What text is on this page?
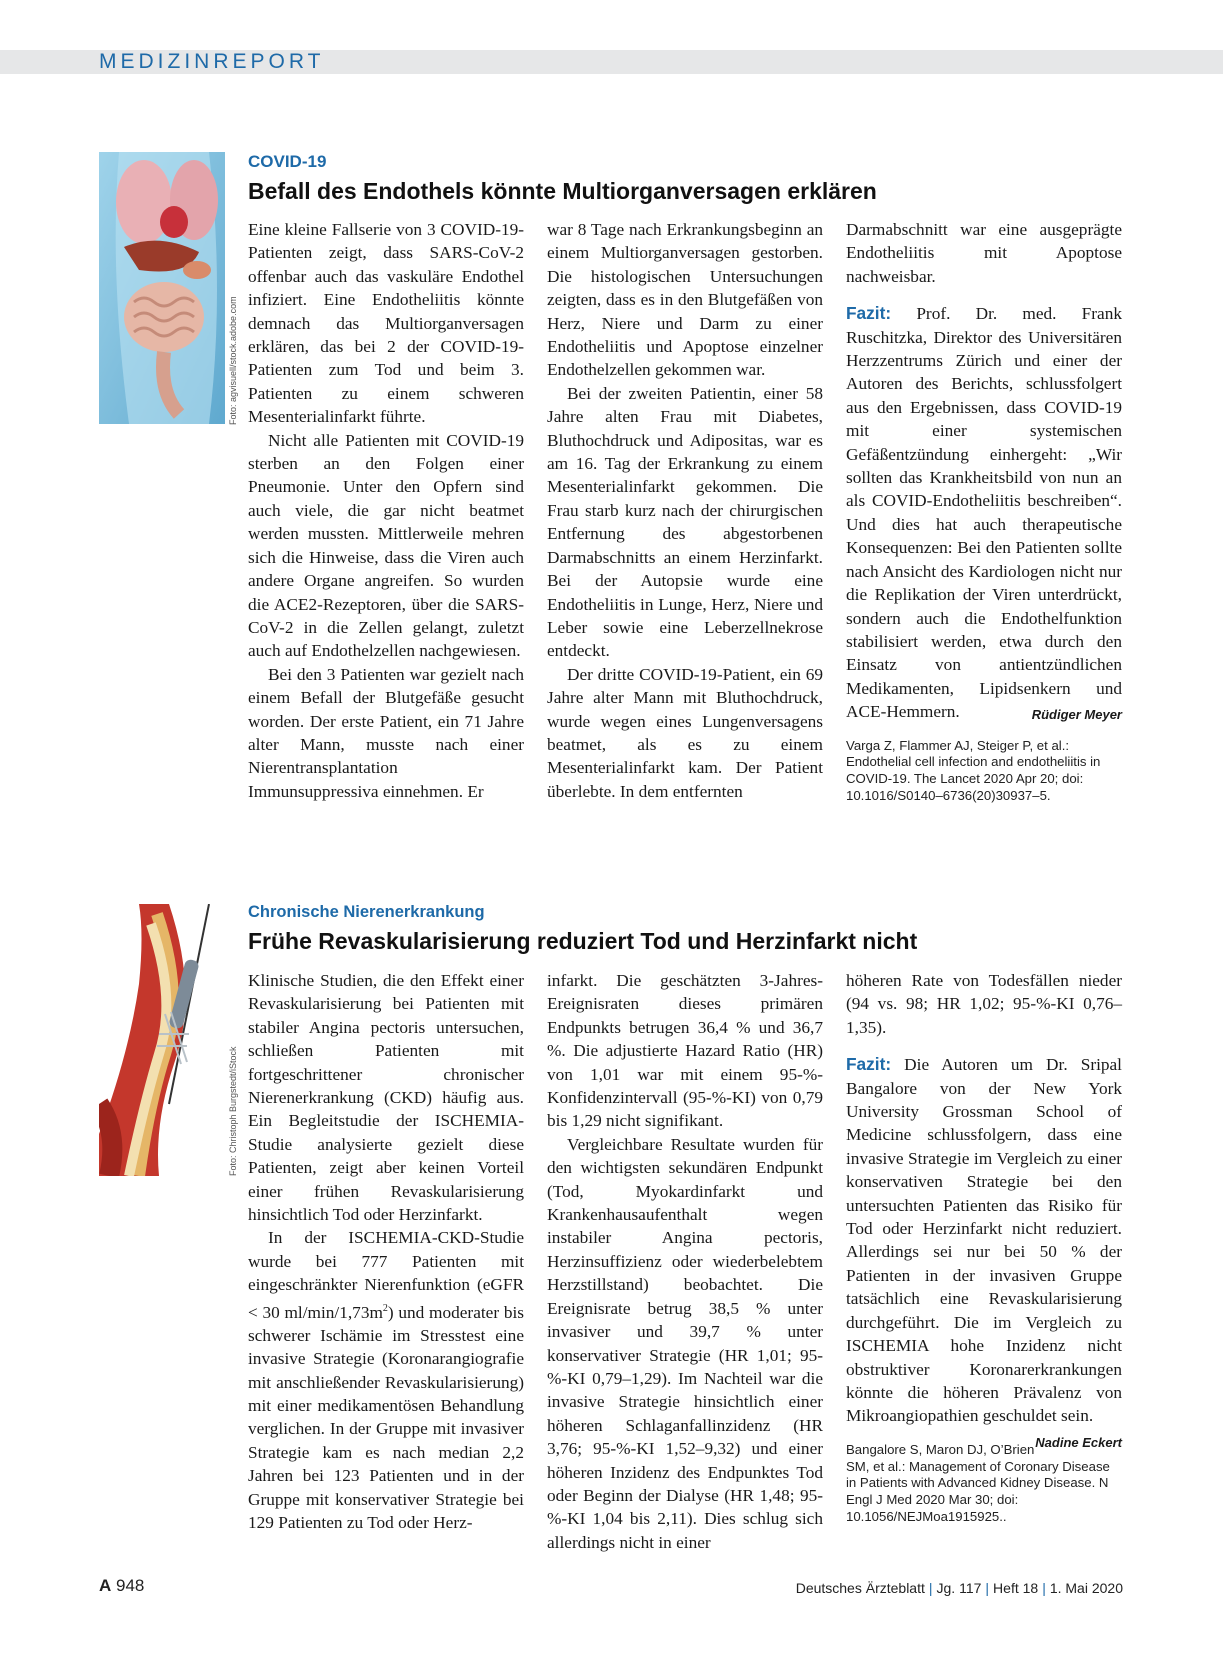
MEDIZINREPORT
Foto: agvisuell/stock.adobe.com
COVID-19
Befall des Endothels könnte Multiorganversagen erklären

Eine kleine Fallserie von 3 COVID-19-Patienten zeigt, dass SARS-CoV-2 offenbar auch das vaskuläre Endothel infiziert. Eine Endotheliitis könnte demnach das Multiorganversagen erklären, das bei 2 der COVID-19-Patienten zum Tod und beim 3. Patienten zu einem schweren Mesenterialinfarkt führte.

Nicht alle Patienten mit COVID-19 sterben an den Folgen einer Pneumonie. Unter den Opfern sind auch viele, die gar nicht beatmet werden mussten. Mittlerweile mehren sich die Hinweise, dass die Viren auch andere Organe angreifen. So wurden die ACE2-Rezeptoren, über die SARS-CoV-2 in die Zellen gelangt, zuletzt auch auf Endothelzellen nachgewiesen.

Bei den 3 Patienten war gezielt nach einem Befall der Blutgefäße gesucht worden. Der erste Patient, ein 71 Jahre alter Mann, musste nach einer Nierentransplantation Immunsuppressiva einnehmen. Er

war 8 Tage nach Erkrankungsbeginn an einem Multiorganversagen gestorben. Die histologischen Untersuchungen zeigten, dass es in den Blutgefäßen von Herz, Niere und Darm zu einer Endotheliitis und Apoptose einzelner Endothelzellen gekommen war.

Bei der zweiten Patientin, einer 58 Jahre alten Frau mit Diabetes, Bluthochdruck und Adipositas, war es am 16. Tag der Erkrankung zu einem Mesenterialinfarkt gekommen. Die Frau starb kurz nach der chirurgischen Entfernung des abgestorbenen Darmabschnitts an einem Herzinfarkt. Bei der Autopsie wurde eine Endotheliitis in Lunge, Herz, Niere und Leber sowie eine Leberzellnekrose entdeckt.

Der dritte COVID-19-Patient, ein 69 Jahre alter Mann mit Bluthochdruck, wurde wegen eines Lungenversagens beatmet, als es zu einem Mesenterialinfarkt kam. Der Patient überlebte. In dem entfernten

Darmabschnitt war eine ausgeprägte Endotheliitis mit Apoptose nachweisbar.

Fazit: Prof. Dr. med. Frank Ruschitzka, Direktor des Universitären Herzzentrums Zürich und einer der Autoren des Berichts, schlussfolgert aus den Ergebnissen, dass COVID-19 mit einer systemischen Gefäßentzündung einhergeht: „Wir sollten das Krankheitsbild von nun an als COVID-Endotheliitis beschreiben“. Und dies hat auch therapeutische Konsequenzen: Bei den Patienten sollte nach Ansicht des Kardiologen nicht nur die Replikation der Viren unterdrückt, sondern auch die Endothelfunktion stabilisiert werden, etwa durch den Einsatz von antientzündlichen Medikamenten, Lipidsenkern und ACE-Hemmern.	Rüdiger Meyer

Varga Z, Flammer AJ, Steiger P, et al.: Endothelial cell infection and endotheliitis in COVID-19. The Lancet 2020 Apr 20; doi: 10.1016/S0140–6736(20)30937–5.

Foto: Christoph Burgstedt/iStock
Chronische Nierenerkrankung
Frühe Revaskularisierung reduziert Tod und Herzinfarkt nicht

Klinische Studien, die den Effekt einer Revaskularisierung bei Patienten mit stabiler Angina pectoris untersuchen, schließen Patienten mit fortgeschrittener chronischer Nierenerkrankung (CKD) häufig aus. Ein Begleitstudie der ISCHEMIA-Studie analysierte gezielt diese Patienten, zeigt aber keinen Vorteil einer frühen Revaskularisierung hinsichtlich Tod oder Herzinfarkt.

In der ISCHEMIA-CKD-Studie wurde bei 777 Patienten mit eingeschränkter Nierenfunktion (eGFR < 30 $ml/\min/1,73m^2$) und moderater bis schwerer Ischämie im Stresstest eine invasive Strategie (Koronarangiografie mit anschließender Revaskularisierung) mit einer medikamentösen Behandlung verglichen. In der Gruppe mit invasiver Strategie kam es nach median 2,2 Jahren bei 123 Patienten und in der Gruppe mit konservativer Strategie bei 129 Patienten zu Tod oder Herz-

infarkt. Die geschätzten 3-Jahres-Ereignisraten dieses primären Endpunkts betrugen 36,4 % und 36,7 %. Die adjustierte Hazard Ratio (HR) von 1,01 war mit einem 95-%-Konfidenzintervall (95-%-KI) von 0,79 bis 1,29 nicht signifikant.

Vergleichbare Resultate wurden für den wichtigsten sekundären Endpunkt (Tod, Myokardinfarkt und Krankenhausaufenthalt wegen instabiler Angina pectoris, Herzinsuffizienz oder wiederbelebtem Herzstillstand) beobachtet. Die Ereignisrate betrug 38,5 % unter invasiver und 39,7 % unter konservativer Strategie (HR 1,01; 95-%-KI 0,79–1,29). Im Nachteil war die invasive Strategie hinsichtlich einer höheren Schlaganfallinzidenz (HR 3,76; 95-%-KI 1,52–9,32) und einer höheren Inzidenz des Endpunktes Tod oder Beginn der Dialyse (HR 1,48; 95-%-KI 1,04 bis 2,11). Dies schlug sich allerdings nicht in einer

höheren Rate von Todesfällen nieder (94 vs. 98; HR 1,02; 95-%-KI 0,76–1,35).

Fazit: Die Autoren um Dr. Sripal Bangalore von der New York University Grossman School of Medicine schlussfolgern, dass eine invasive Strategie im Vergleich zu einer konservativen Strategie bei den untersuchten Patienten das Risiko für Tod oder Herzinfarkt nicht reduziert. Allerdings sei nur bei 50 % der Patienten in der invasiven Gruppe tatsächlich eine Revaskularisierung durchgeführt. Die im Vergleich zu ISCHEMIA hohe Inzidenz nicht obstruktiver Koronarerkrankungen könnte die höheren Prävalenz von Mikroangiopathien geschuldet sein.
Nadine Eckert

Bangalore S, Maron DJ, O’Brien SM, et al.: Management of Coronary Disease in Patients with Advanced Kidney Disease. N Engl J Med 2020 Mar 30; doi: 10.1056/NEJMoa1915925..

A 948	Deutsches Ärzteblatt | Jg. 117 | Heft 18 | 1. Mai 2020
